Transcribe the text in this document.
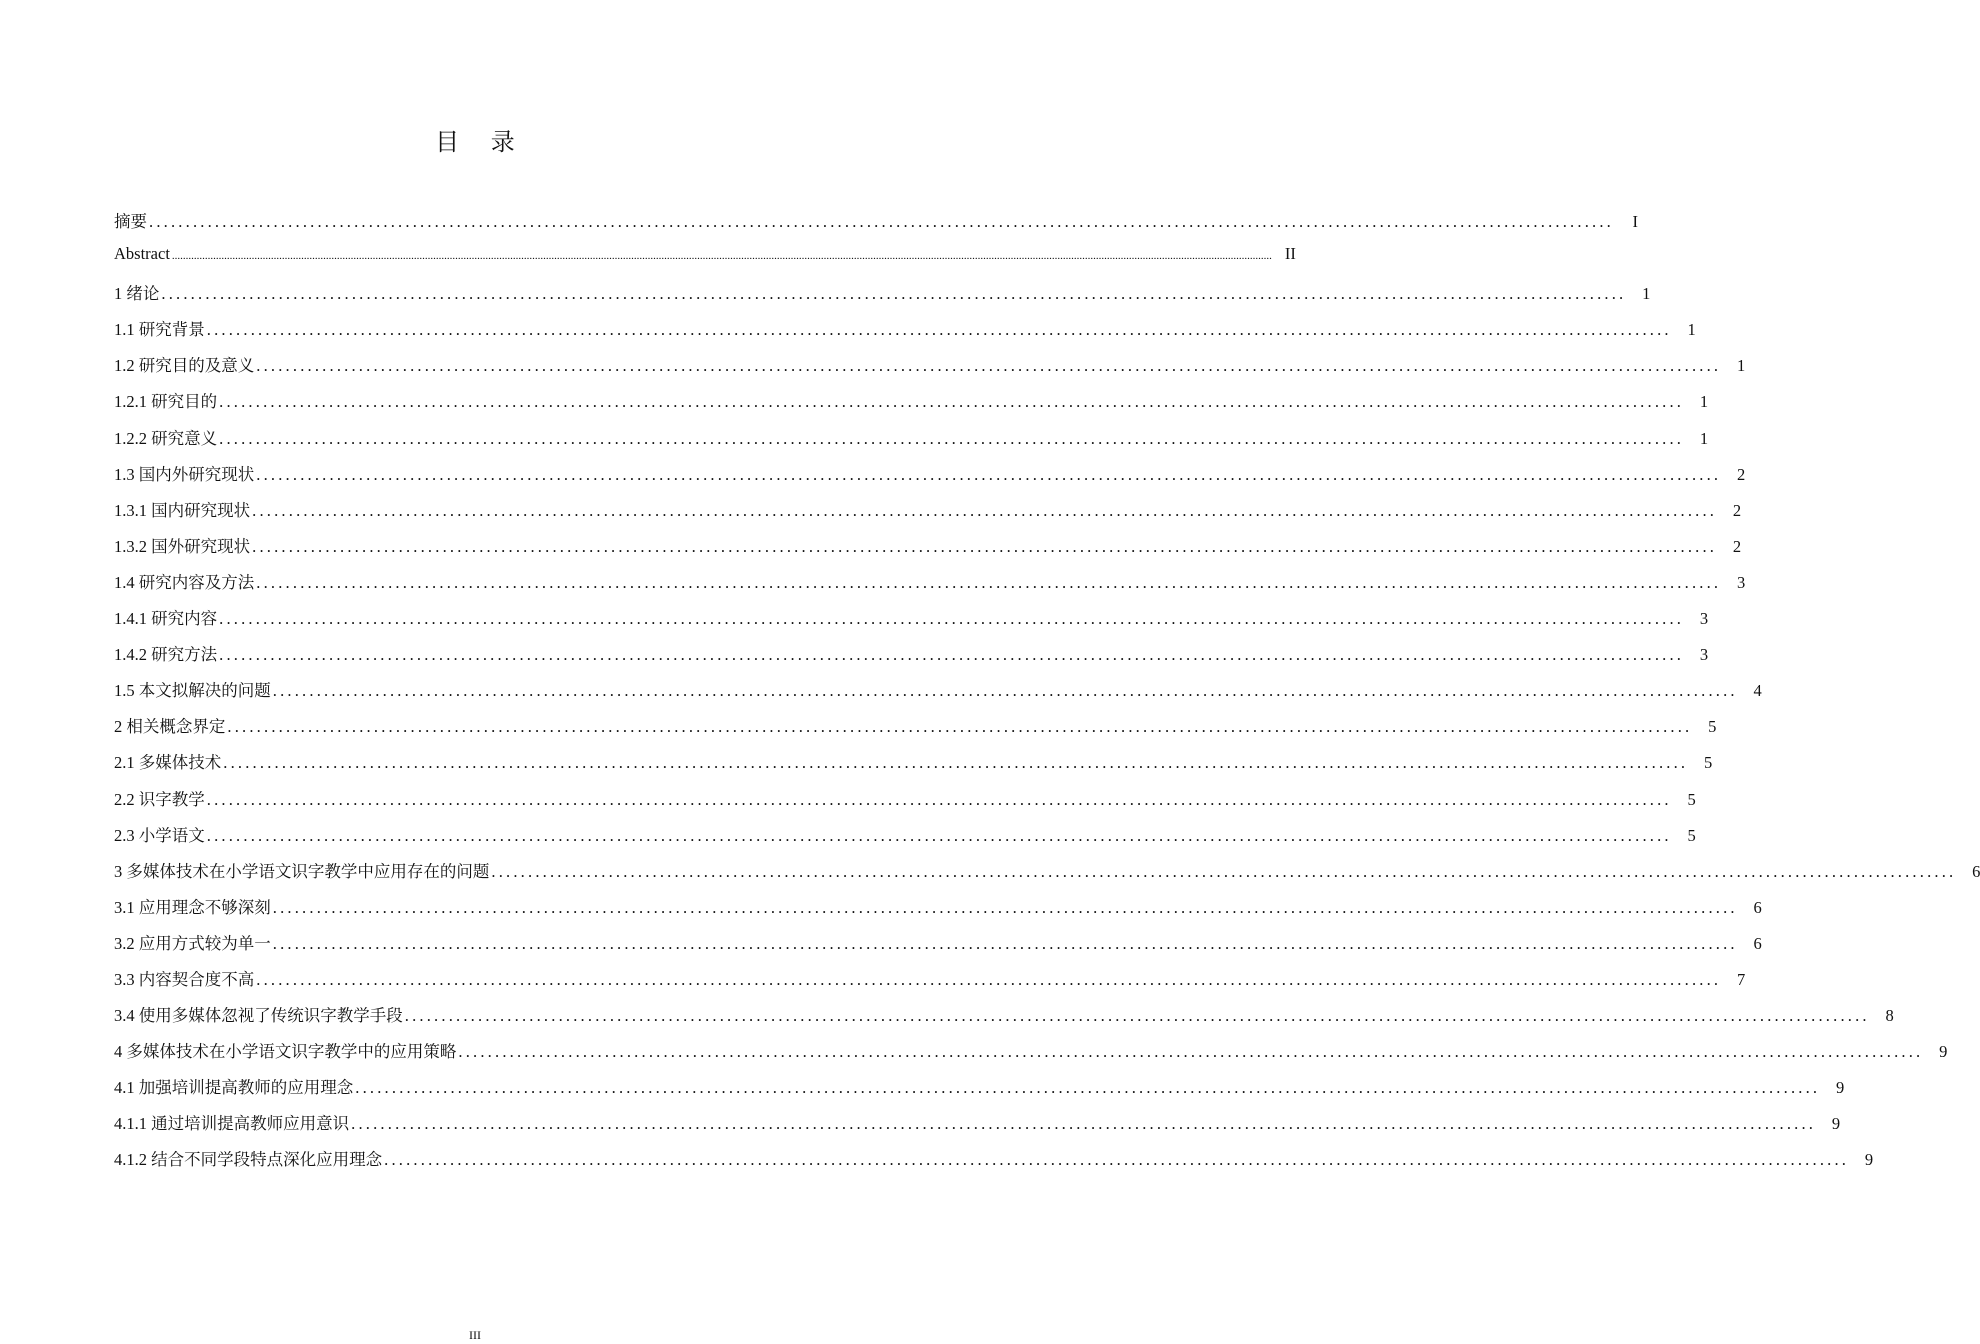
目 录
摘要 ........................................................................................................................................................................................................	I
Abstract ................................................................................................................................................................................................................................................................................................................................................................................................................ II
1 绪论 ........................................................................................................................................................................................................ 1
1.1 研究背景 ........................................................................................................................................................................................................ 1
1.2 研究目的及意义 ........................................................................................................................................................................................................ 1
1.2.1 研究目的 ........................................................................................................................................................................................................ 1
1.2.2 研究意义 ........................................................................................................................................................................................................ 1
1.3 国内外研究现状 ........................................................................................................................................................................................................ 2
1.3.1 国内研究现状 ........................................................................................................................................................................................................ 2
1.3.2 国外研究现状 ........................................................................................................................................................................................................ 2
1.4 研究内容及方法 ........................................................................................................................................................................................................ 3
1.4.1 研究内容 ........................................................................................................................................................................................................ 3
1.4.2 研究方法 ........................................................................................................................................................................................................ 3
1.5 本文拟解决的问题 ........................................................................................................................................................................................................ 4
2 相关概念界定 ........................................................................................................................................................................................................ 5
2.1 多媒体技术 ........................................................................................................................................................................................................ 5
2.2 识字教学 ........................................................................................................................................................................................................ 5
2.3 小学语文 ........................................................................................................................................................................................................ 5
3 多媒体技术在小学语文识字教学中应用存在的问题 ........................................................................................................................................................................................................ 6
3.1 应用理念不够深刻 ........................................................................................................................................................................................................ 6
3.2 应用方式较为单一 ........................................................................................................................................................................................................ 6
3.3 内容契合度不高 ........................................................................................................................................................................................................ 7
3.4 使用多媒体忽视了传统识字教学手段 ........................................................................................................................................................................................................ 8
4 多媒体技术在小学语文识字教学中的应用策略 ........................................................................................................................................................................................................ 9
4.1 加强培训提高教师的应用理念 ........................................................................................................................................................................................................ 9
4.1.1 通过培训提高教师应用意识 ........................................................................................................................................................................................................ 9
4.1.2 结合不同学段特点深化应用理念 ........................................................................................................................................................................................................ 9
III
